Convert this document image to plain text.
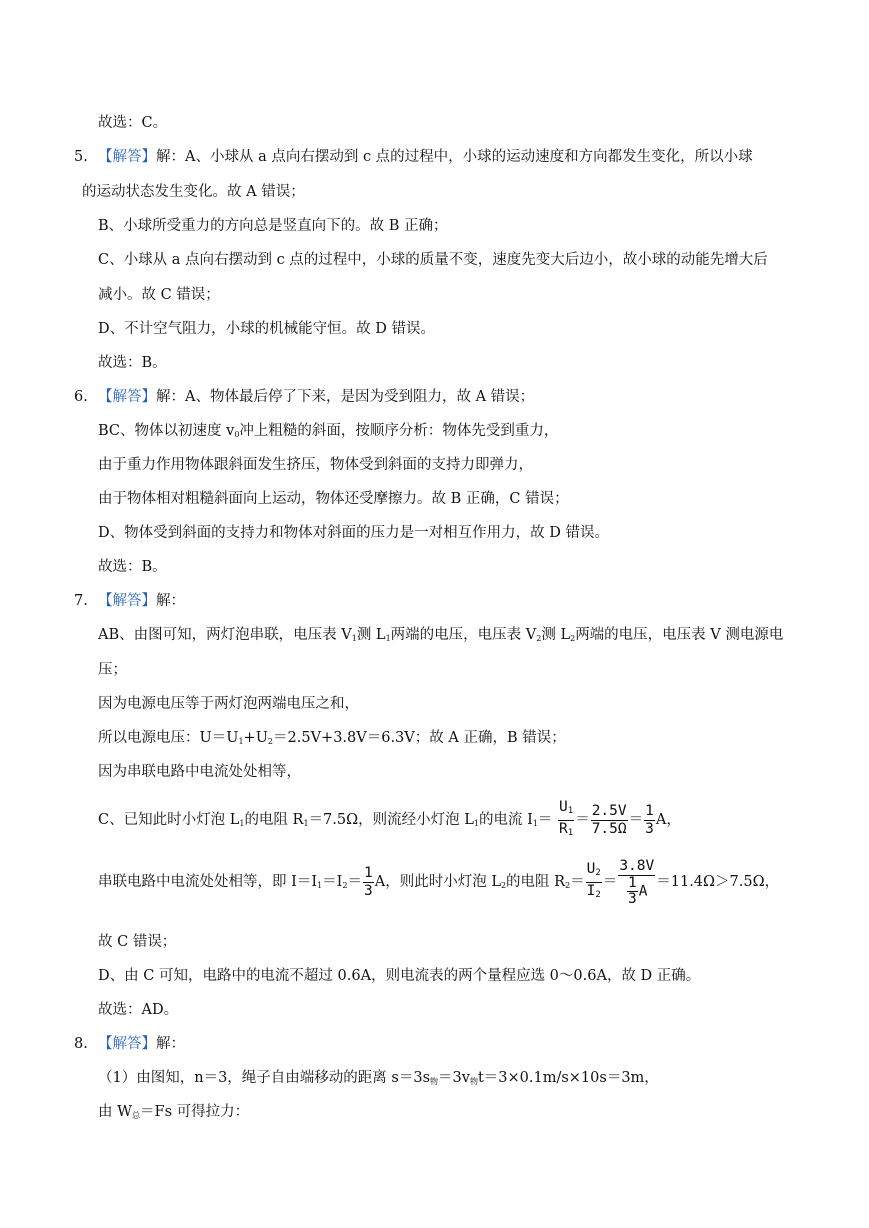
故选：C。
5. 【解答】解：A、小球从 a 点向右摆动到 c 点的过程中，小球的运动速度和方向都发生变化，所以小球
的运动状态发生变化。故 A 错误；
B、小球所受重力的方向总是竖直向下的。故 B 正确；
C、小球从 a 点向右摆动到 c 点的过程中，小球的质量不变，速度先变大后边小，故小球的动能先增大后
减小。故 C 错误；
D、不计空气阻力，小球的机械能守恒。故 D 错误。
故选：B。
6. 【解答】解：A、物体最后停了下来，是因为受到阻力，故 A 错误；
BC、物体以初速度 $v_0$冲上粗糙的斜面，按顺序分析：物体先受到重力，
由于重力作用物体跟斜面发生挤压，物体受到斜面的支持力即弹力，
由于物体相对粗糙斜面向上运动，物体还受摩擦力。故 B 正确，C 错误；
D、物体受到斜面的支持力和物体对斜面的压力是一对相互作用力，故 D 错误。
故选：B。
7. 【解答】解：
AB、由图可知，两灯泡串联，电压表 $V_1$测 $L_1$两端的电压，电压表 $V_2$测 $L_2$两端的电压，电压表 V 测电源电
压；
因为电源电压等于两灯泡两端电压之和，
所以电源电压：$U=U_1+U_2=2.5V+3.8V=6.3V$；故 A 正确，B 错误；
因为串联电路中电流处处相等，
C、已知此时小灯泡 $L_1$的电阻 $R_1=7.5\Omega$，则流经小灯泡 $L_1$的电流 $I_1= \frac{U1}{R1} = \frac{2.5V}{7.5\Omega} = \frac{1}{3}$ A，
串联电路中电流处处相等，即 $I=I_1=I_2= \frac{1}{3}$ A，则此时小灯泡 $L_2$的电阻 $R_2= \frac{U2}{I2} = \frac{3.8V}{\frac{1}{3} A} =11.4\Omega>7.5\Omega$，
故 C 错误；
D、由 C 可知，电路中的电流不超过 0.6A，则电流表的两个量程应选 0～0.6A，故 D 正确。
故选：AD。
8. 【解答】解：
（1）由图知，n＝3，绳子自由端移动的距离 $s=3s_物=3v_物t=3\times 0.1m/s\times 10s=3m$，
由 $W_总=Fs$ 可得拉力：
